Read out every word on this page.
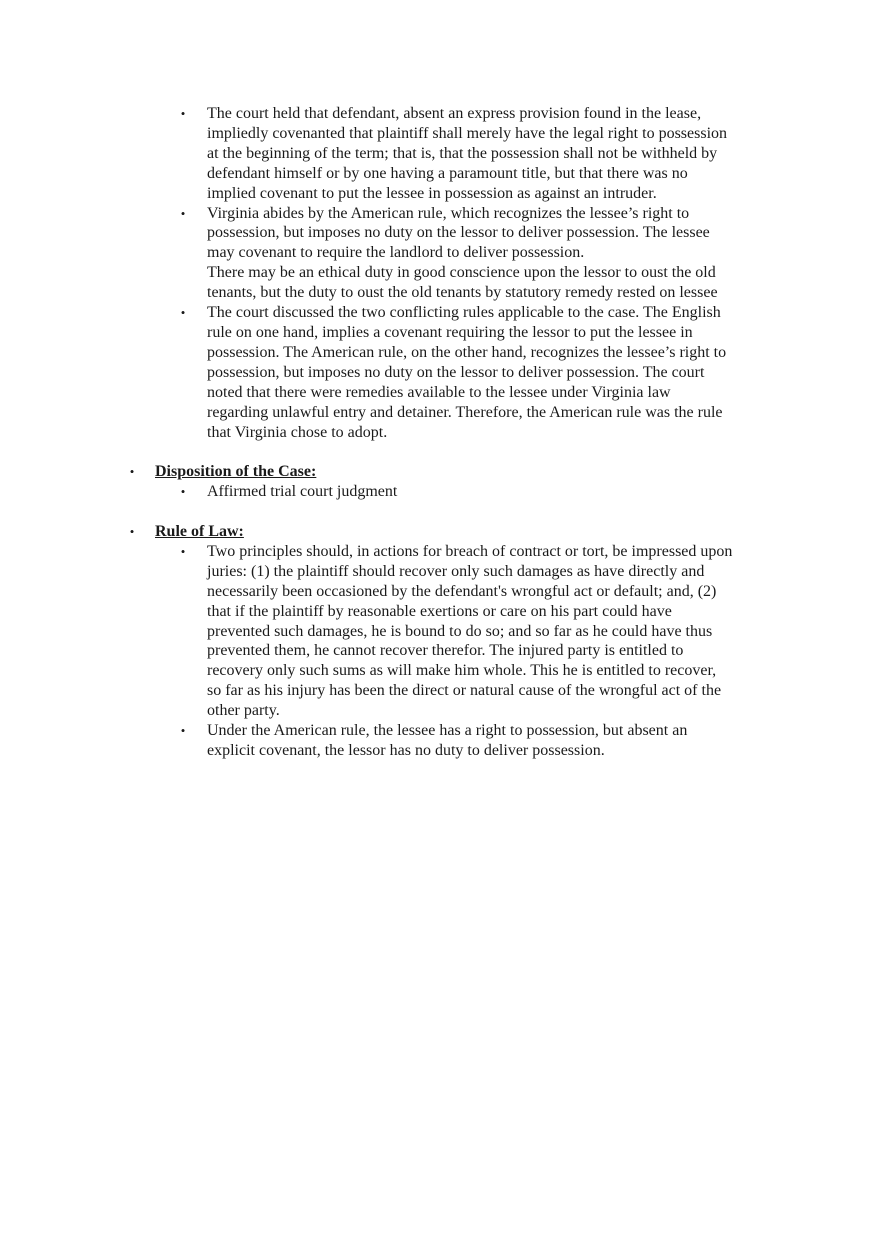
• The court held that defendant, absent an express provision found in the lease,
impliedly covenanted that plaintiff shall merely have the legal right to possession
at the beginning of the term; that is, that the possession shall not be withheld by
defendant himself or by one having a paramount title, but that there was no
implied covenant to put the lessee in possession as against an intruder.
• Virginia abides by the American rule, which recognizes the lessee’s right to
possession, but imposes no duty on the lessor to deliver possession. The lessee
may covenant to require the landlord to deliver possession.
There may be an ethical duty in good conscience upon the lessor to oust the old
tenants, but the duty to oust the old tenants by statutory remedy rested on lessee
• The court discussed the two conflicting rules applicable to the case. The English
rule on one hand, implies a covenant requiring the lessor to put the lessee in
possession. The American rule, on the other hand, recognizes the lessee’s right to
possession, but imposes no duty on the lessor to deliver possession. The court
noted that there were remedies available to the lessee under Virginia law
regarding unlawful entry and detainer. Therefore, the American rule was the rule
that Virginia chose to adopt.
• Disposition of the Case:
• Affirmed trial court judgment
• Rule of Law:
• Two principles should, in actions for breach of contract or tort, be impressed upon
juries: (1) the plaintiff should recover only such damages as have directly and
necessarily been occasioned by the defendant's wrongful act or default; and, (2)
that if the plaintiff by reasonable exertions or care on his part could have
prevented such damages, he is bound to do so; and so far as he could have thus
prevented them, he cannot recover therefor. The injured party is entitled to
recovery only such sums as will make him whole. This he is entitled to recover,
so far as his injury has been the direct or natural cause of the wrongful act of the
other party.
• Under the American rule, the lessee has a right to possession, but absent an
explicit covenant, the lessor has no duty to deliver possession.
